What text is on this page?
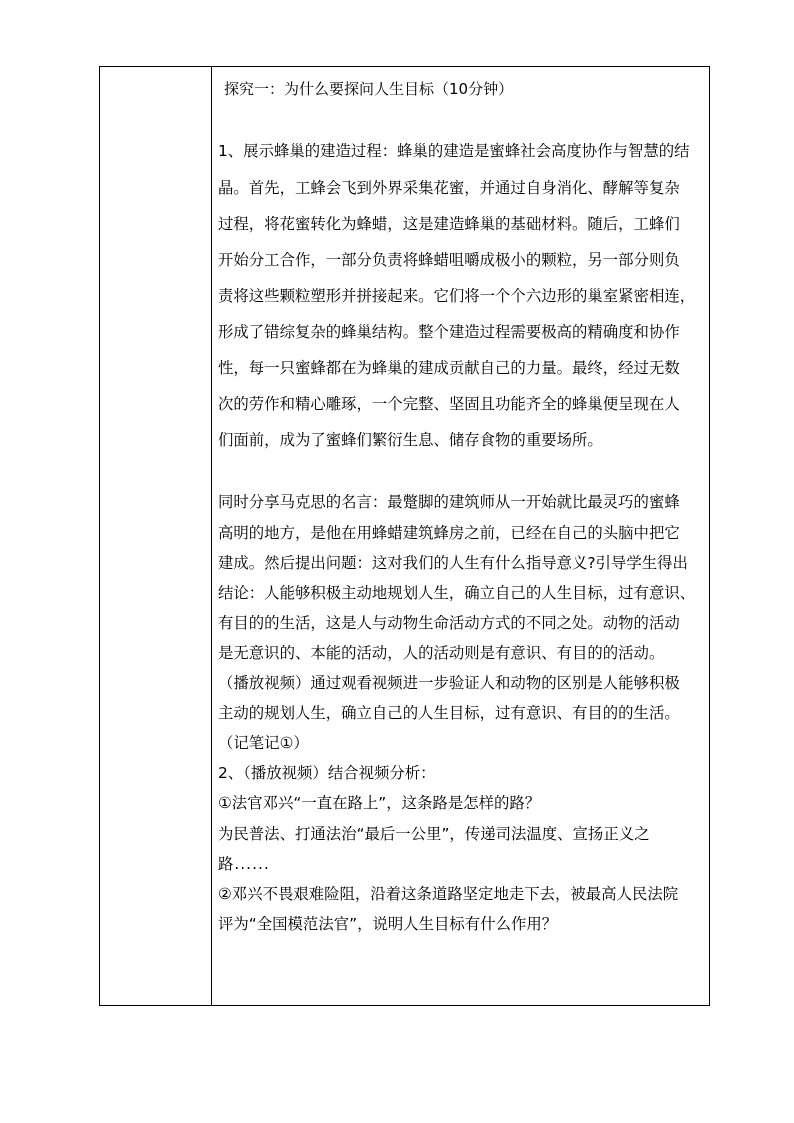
探究一：为什么要探问人生目标（10分钟）
1、展示蜂巢的建造过程：蜂巢的建造是蜜蜂社会高度协作与智慧的结
晶。首先，工蜂会飞到外界采集花蜜，并通过自身消化、酵解等复杂
过程，将花蜜转化为蜂蜡，这是建造蜂巢的基础材料。随后，工蜂们
开始分工合作，一部分负责将蜂蜡咀嚼成极小的颗粒，另一部分则负
责将这些颗粒塑形并拼接起来。它们将一个个六边形的巢室紧密相连，
形成了错综复杂的蜂巢结构。整个建造过程需要极高的精确度和协作
性，每一只蜜蜂都在为蜂巢的建成贡献自己的力量。最终，经过无数
次的劳作和精心雕琢，一个完整、坚固且功能齐全的蜂巢便呈现在人
们面前，成为了蜜蜂们繁衍生息、储存食物的重要场所。
同时分享马克思的名言：最蹩脚的建筑师从一开始就比最灵巧的蜜蜂
高明的地方，是他在用蜂蜡建筑蜂房之前，已经在自己的头脑中把它
建成。然后提出问题：这对我们的人生有什么指导意义?引导学生得出
结论：人能够积极主动地规划人生，确立自己的人生目标，过有意识、
有目的的生活，这是人与动物生命活动方式的不同之处。动物的活动
是无意识的、本能的活动，人的活动则是有意识、有目的的活动。
（播放视频）通过观看视频进一步验证人和动物的区别是人能够积极
主动的规划人生，确立自己的人生目标，过有意识、有目的的生活。
（记笔记①）
2、（播放视频）结合视频分析：
①法官邓兴“一直在路上”，这条路是怎样的路？
为民普法、打通法治“最后一公里”，传递司法温度、宣扬正义之
路......
②邓兴不畏艰难险阻，沿着这条道路坚定地走下去，被最高人民法院
评为“全国模范法官”，说明人生目标有什么作用？
